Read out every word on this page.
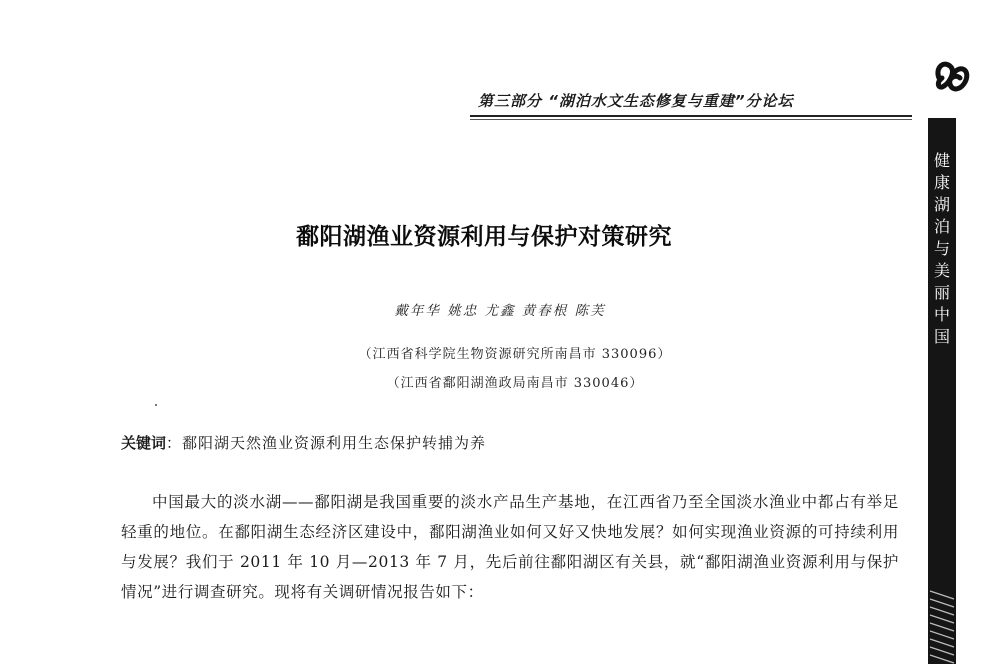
第三部分 “湖泊水文生态修复与重建”分论坛
健
康
湖
泊
与
美
丽
中
国
鄱阳湖渔业资源利用与保护对策研究
戴年华 姚忠 尤鑫 黄春根 陈芙
（江西省科学院生物资源研究所南昌市 330096）
（江西省鄱阳湖渔政局南昌市 330046）
关键词：鄱阳湖天然渔业资源利用生态保护转捕为养
中国最大的淡水湖——鄱阳湖是我国重要的淡水产品生产基地，在江西省乃至全国淡水渔业中都占有举足轻重的地位。在鄱阳湖生态经济区建设中，鄱阳湖渔业如何又好又快地发展？如何实现渔业资源的可持续利用与发展？我们于 2011 年 10 月—2013 年 7 月，先后前往鄱阳湖区有关县，就“鄱阳湖渔业资源利用与保护情况”进行调查研究。现将有关调研情况报告如下：
